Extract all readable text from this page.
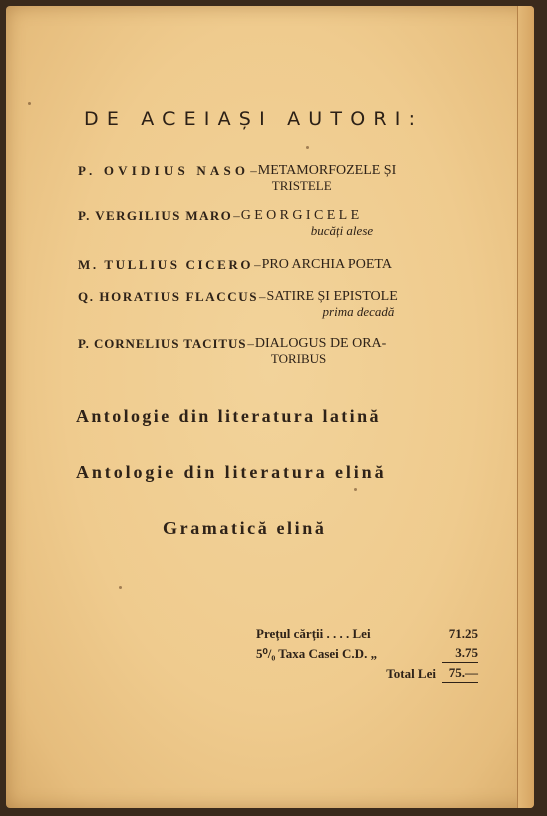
DE ACEIAȘI AUTORI:
P. OVIDIUS NASO – METAMORFOZELE ȘI
TRISTELE
P. VERGILIUS MARO – GEORGICELE
bucăți alese
M. TULLIUS CICERO – PRO ARCHIA POETA
Q. HORATIUS FLACCUS – SATIRE ȘI EPISTOLE
prima decadă
P. CORNELIUS TACITUS – DIALOGUS DE ORA-
TORIBUS
Antologie din literatura latină
Antologie din literatura elină
Gramatică elină
Prețul cărții . . . . Lei	71.25
5⁰/₀ Taxa Casei C.D. „	3.75
Total Lei 75.—
